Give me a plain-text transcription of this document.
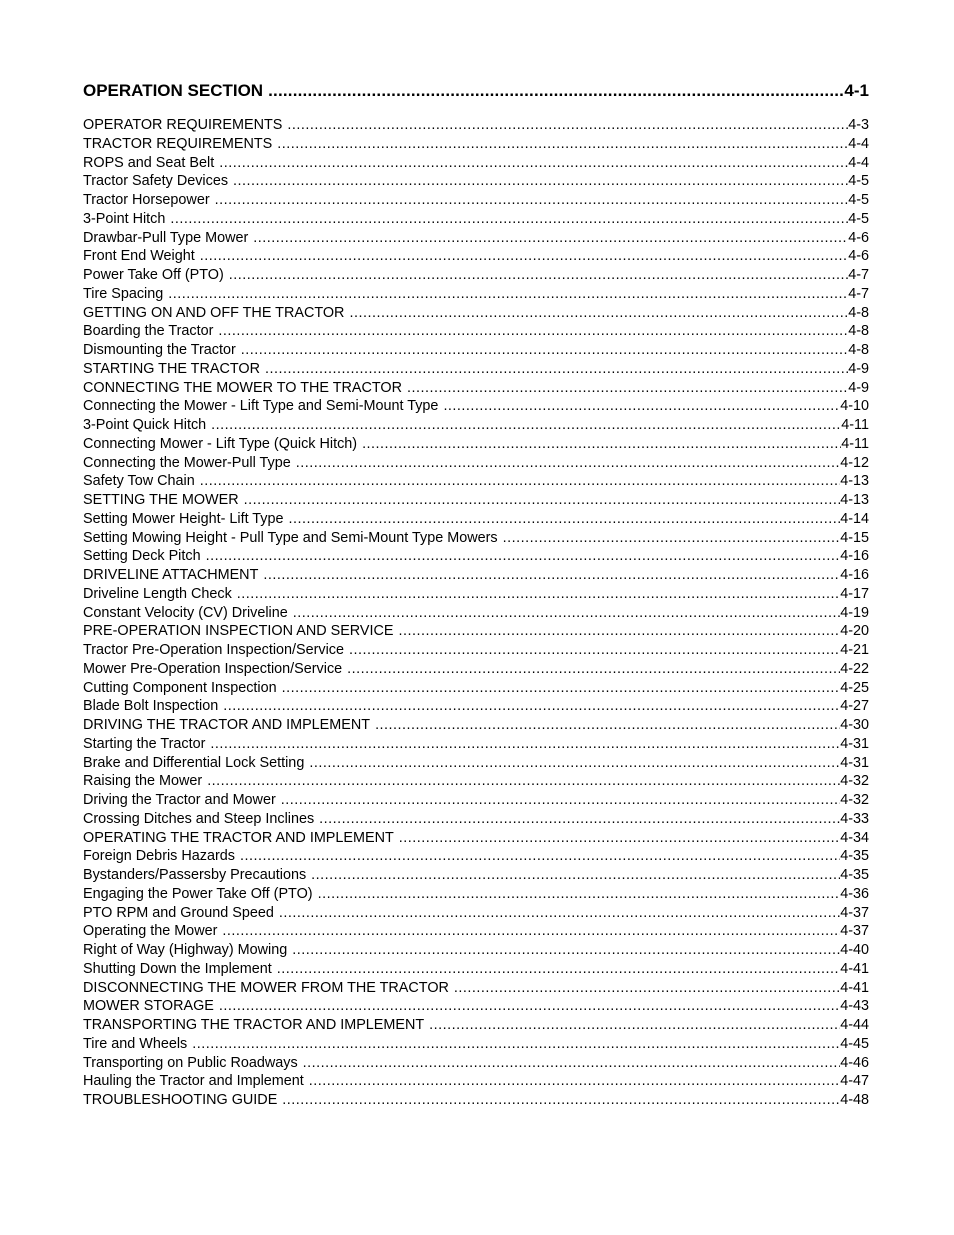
OPERATION SECTION .....	4-1
OPERATOR REQUIREMENTS .....	4-3
TRACTOR REQUIREMENTS .....	4-4
ROPS and Seat Belt .....	4-4
Tractor Safety Devices .....	4-5
Tractor Horsepower .....	4-5
3-Point Hitch .....	4-5
Drawbar-Pull Type Mower .....	4-6
Front End Weight .....	4-6
Power Take Off (PTO) .....	4-7
Tire Spacing .....	4-7
GETTING ON AND OFF THE TRACTOR .....	4-8
Boarding the Tractor .....	4-8
Dismounting the Tractor .....	4-8
STARTING THE TRACTOR .....	4-9
CONNECTING THE MOWER TO THE TRACTOR .....	4-9
Connecting the Mower - Lift Type and Semi-Mount Type .....	4-10
3-Point Quick Hitch .....	4-11
Connecting Mower - Lift Type (Quick Hitch) .....	4-11
Connecting the Mower-Pull Type .....	4-12
Safety Tow Chain .....	4-13
SETTING THE MOWER .....	4-13
Setting Mower Height- Lift Type .....	4-14
Setting Mowing Height - Pull Type and Semi-Mount Type Mowers .....	4-15
Setting Deck Pitch .....	4-16
DRIVELINE ATTACHMENT .....	4-16
Driveline Length Check .....	4-17
Constant Velocity (CV) Driveline .....	4-19
PRE-OPERATION INSPECTION AND SERVICE .....	4-20
Tractor Pre-Operation Inspection/Service .....	4-21
Mower Pre-Operation Inspection/Service .....	4-22
Cutting Component Inspection .....	4-25
Blade Bolt Inspection .....	4-27
DRIVING THE TRACTOR AND IMPLEMENT .....	4-30
Starting the Tractor .....	4-31
Brake and Differential Lock Setting .....	4-31
Raising the Mower .....	4-32
Driving the Tractor and Mower .....	4-32
Crossing Ditches and Steep Inclines .....	4-33
OPERATING THE TRACTOR AND IMPLEMENT .....	4-34
Foreign Debris Hazards .....	4-35
Bystanders/Passersby Precautions .....	4-35
Engaging the Power Take Off (PTO) .....	4-36
PTO RPM and Ground Speed .....	4-37
Operating the Mower .....	4-37
Right of Way (Highway) Mowing .....	4-40
Shutting Down the Implement .....	4-41
DISCONNECTING THE MOWER FROM THE TRACTOR .....	4-41
MOWER STORAGE .....	4-43
TRANSPORTING THE TRACTOR AND IMPLEMENT .....	4-44
Tire and Wheels .....	4-45
Transporting on Public Roadways .....	4-46
Hauling the Tractor and Implement .....	4-47
TROUBLESHOOTING GUIDE .....	4-48
